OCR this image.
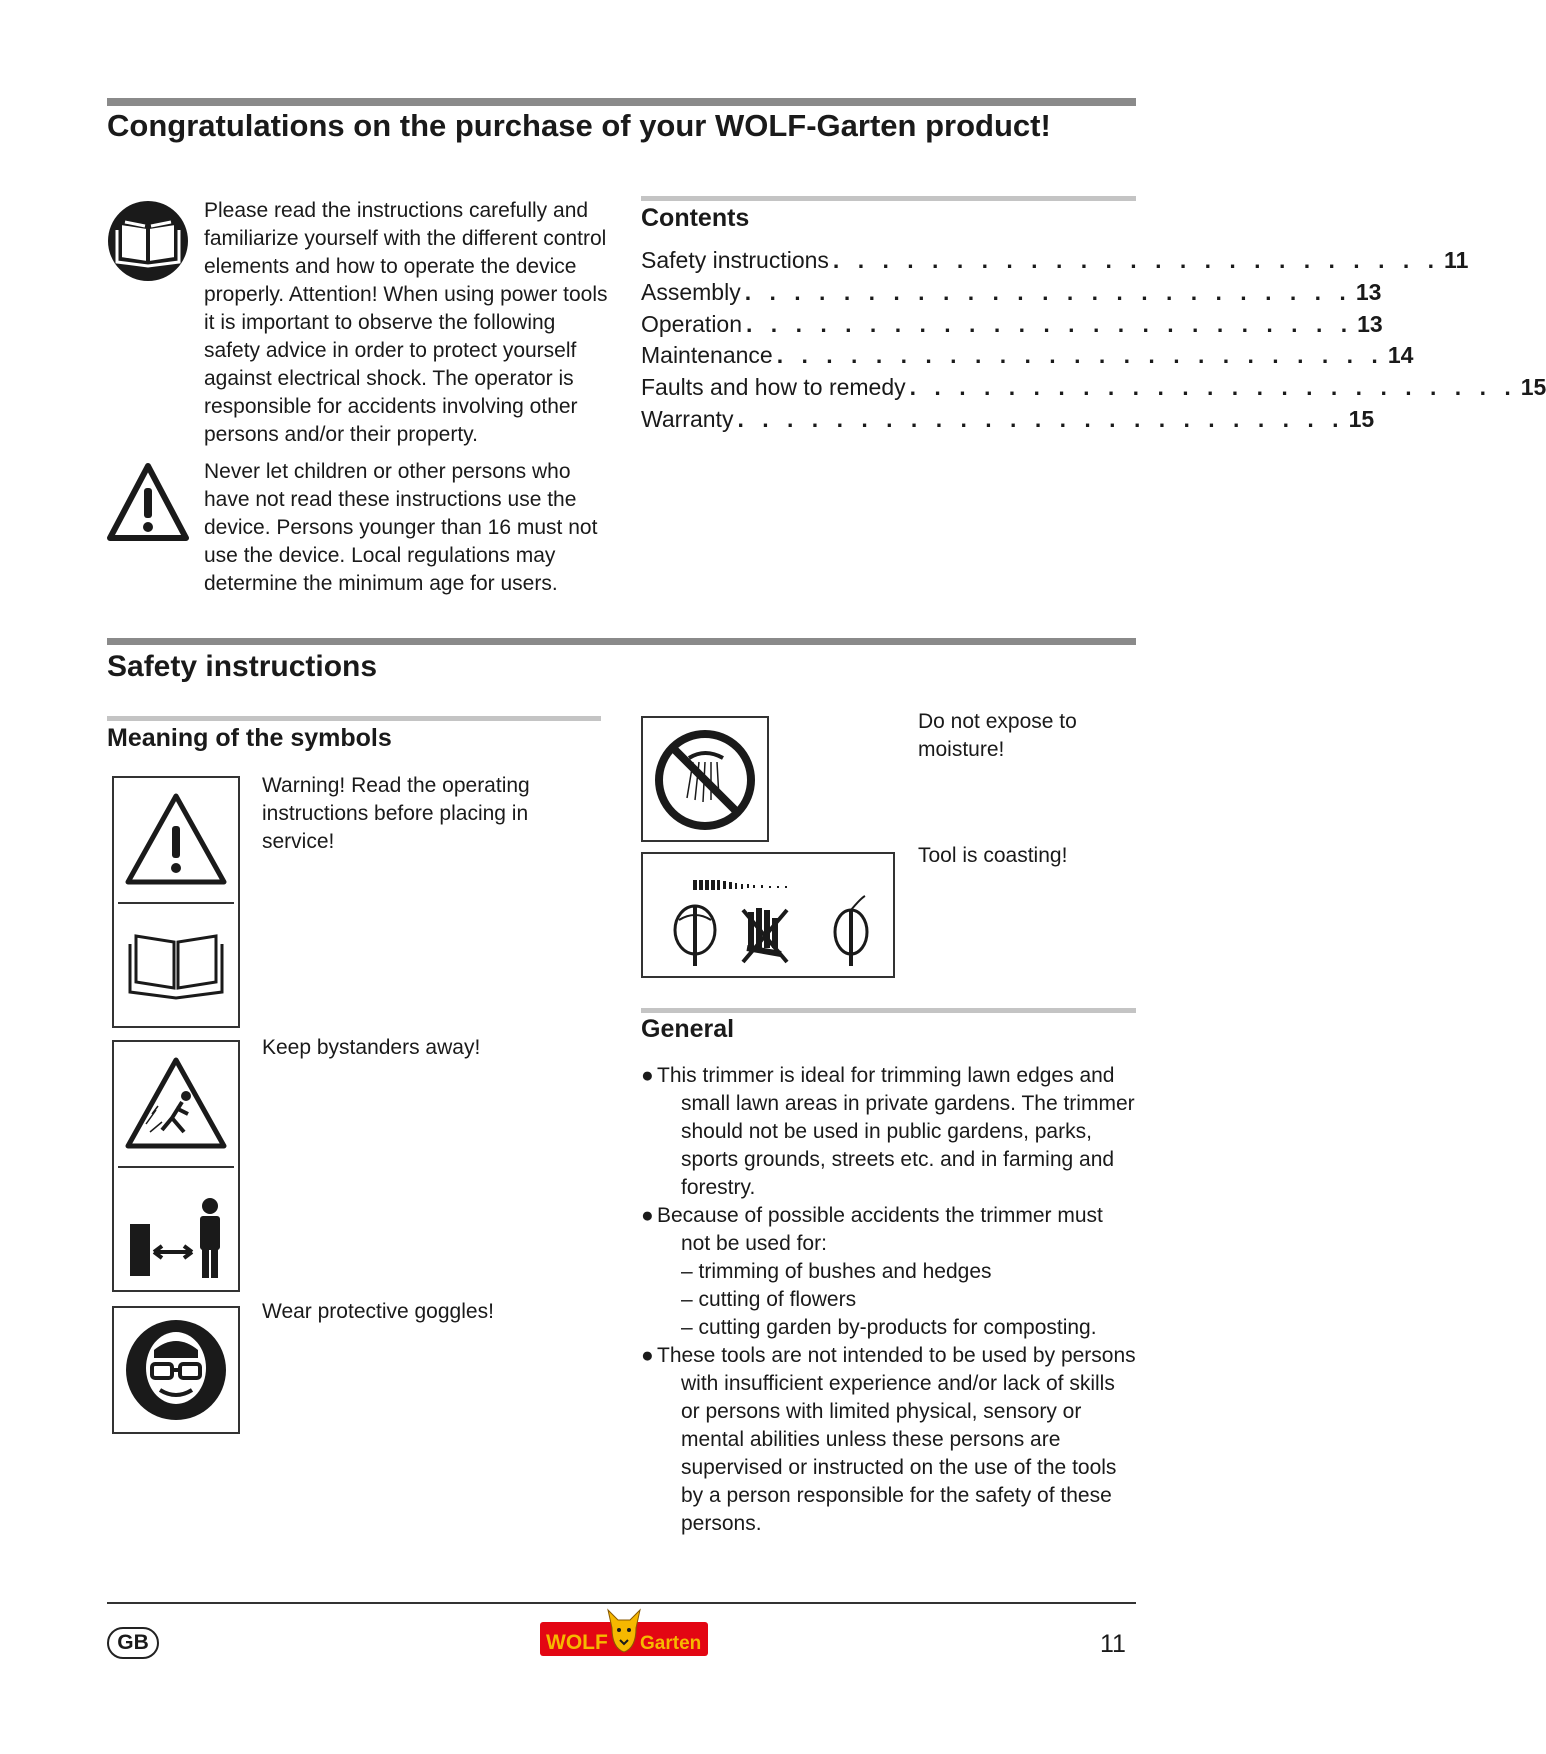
Congratulations on the purchase of your WOLF-Garten product!
Please read the instructions carefully and familiarize yourself with the different control elements and how to operate the device properly. Attention! When using power tools it is important to observe the following safety advice in order to protect yourself against electrical shock. The operator is responsible for accidents involving other persons and/or their property.
Never let children or other persons who have not read these instructions use the device. Persons younger than 16 must not use the device. Local regulations may determine the minimum age for users.
Contents
Safety instructions . . . . . . . . . . . . . . . . . . . . . . . . . 11
Assembly . . . . . . . . . . . . . . . . . . . . . . . . . 13
Operation . . . . . . . . . . . . . . . . . . . . . . . . . 13
Maintenance . . . . . . . . . . . . . . . . . . . . . . . . . 14
Faults and how to remedy . . . . . . . . . . . . . . . . . . . . . . . . . 15
Warranty . . . . . . . . . . . . . . . . . . . . . . . . . 15
Safety instructions
Meaning of the symbols
Warning! Read the operating instructions before placing in service!
Keep bystanders away!
Wear protective goggles!
Do not expose to moisture!
Tool is coasting!
General
● This trimmer is ideal for trimming lawn edges and small lawn areas in private gardens. The trimmer should not be used in public gardens, parks, sports grounds, streets etc. and in farming and forestry.
● Because of possible accidents the trimmer must not be used for:
– trimming of bushes and hedges
– cutting of flowers
– cutting garden by-products for composting.
● These tools are not intended to be used by persons with insufficient experience and/or lack of skills or persons with limited physical, sensory or mental abilities unless these persons are supervised or instructed on the use of the tools by a person responsible for the safety of these persons.
GB	WOLF Garten	11
